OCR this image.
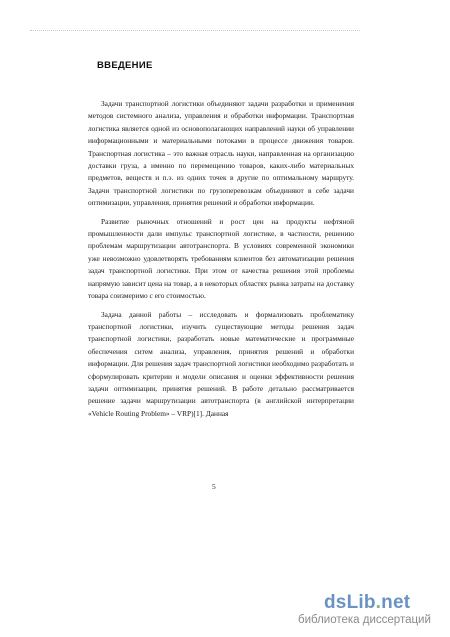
ВВЕДЕНИЕ

Задачи транспортной логистики объединяют задачи разработки и применения методов системного анализа, управления и обработки информации. Транспортная логистика является одной из основополагающих направлений науки об управлении информационными и материальными потоками в процессе движения товаров. Транспортная логистика – это важная отрасль науки, направленная на организацию доставки груза, а именно по перемещению товаров, каких-либо материальных предметов, веществ и п.э. из одних точек в другие по оптимальному маршруту. Задачи транспортной логистики по грузоперевозкам объединяют в себе задачи оптимизации, управления, принятия решений и обработки информации.

Развитие рыночных отношений и рост цен на продукты нефтяной промышленности дали импульс транспортной логистике, в частности, решению проблемам маршрутизации автотранспорта. В условиях современной экономики уже невозможно удовлетворять требованиям клиентов без автоматизации решения задач транспортной логистики. При этом от качества решения этой проблемы напрямую зависит цена на товар, а в некоторых областях рынка затраты на доставку товара соизмеримо с его стоимостью.

Задача данной работы – исследовать и формализовать проблематику транспортной логистики, изучить существующие методы решения задач транспортной логистики, разработать новые математические и программные обеспечения ситем анализа, управления, принятия решений и обработки информации. Для решения задач транспортной логистики необходимо разработать и сформулировать критерии и модели описания и оценки эффективности решения задачи оптимизации, принятия решений. В работе детально рассматривается решение задачи маршрутизации автотранспорта (в английской интерпретации «Vehicle Routing Problem» – VRP)[1]. Данная

5
dsLib.net
библиотека диссертаций
